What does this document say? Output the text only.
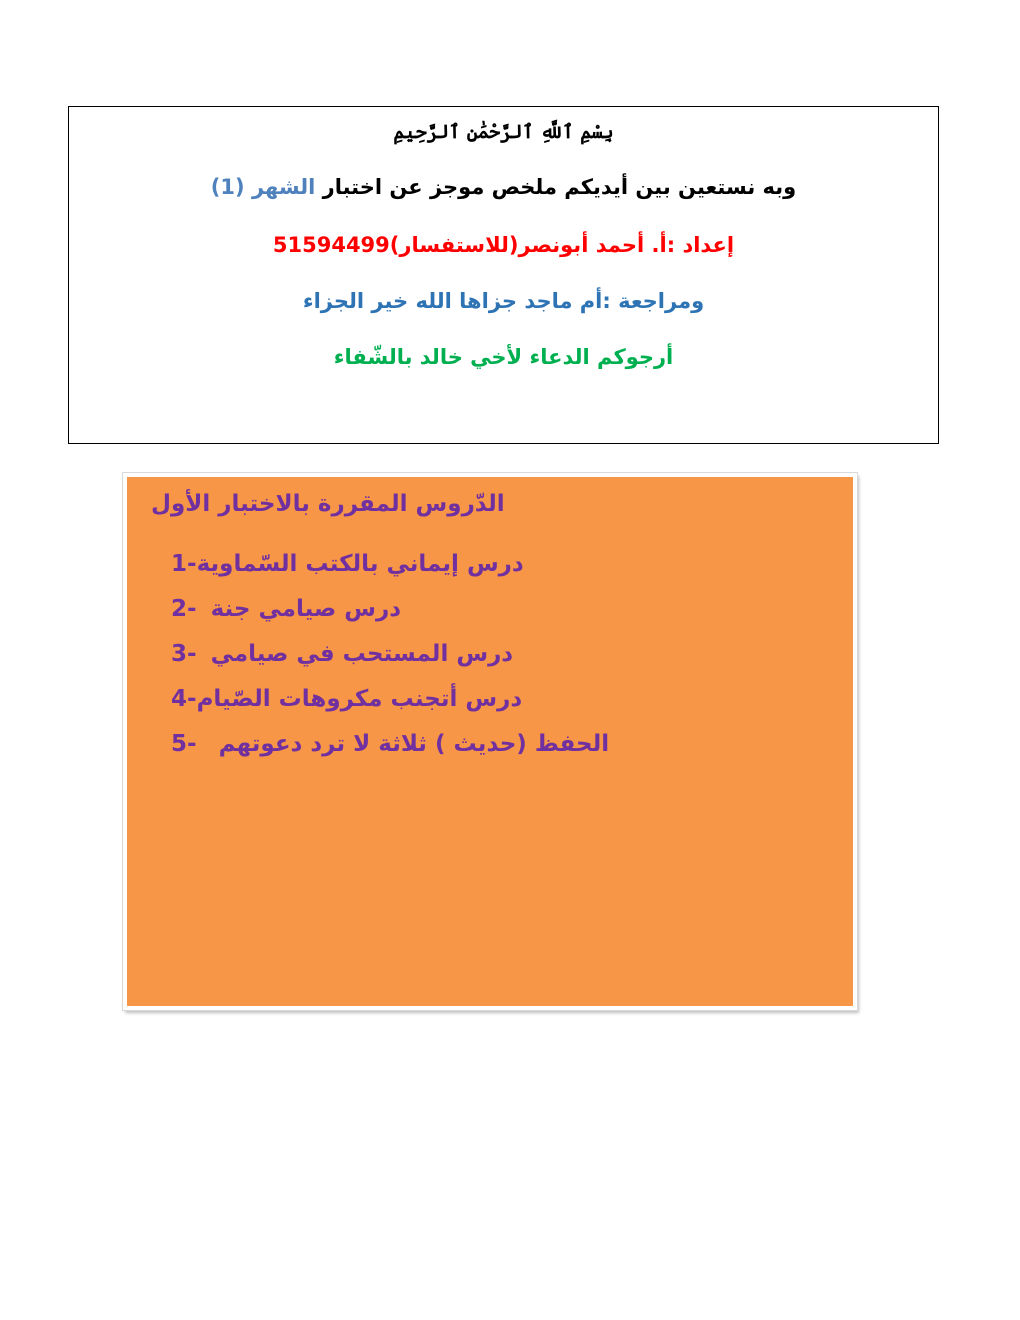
بِسْمِ ٱللَّهِ ٱلرَّحْمَٰنِ ٱلرَّحِيمِ
وبه نستعين بين أيديكم ملخص موجز عن اختبار الشهر (1)
إعداد :أ. أحمد أبونصر(للاستفسار)51594499
ومراجعة :أم ماجد جزاها الله خير الجزاء
أرجوكم الدعاء لأخي خالد بالشّفاء
الدّروس المقررة بالاختبار الأول
1- درس إيماني بالكتب السّماوية
2- درس صيامي جنة
3- درس المستحب في صيامي
4- درس أتجنب مكروهات الصّيام
5- الحفظ (حديث ) ثلاثة لا ترد دعوتهم
